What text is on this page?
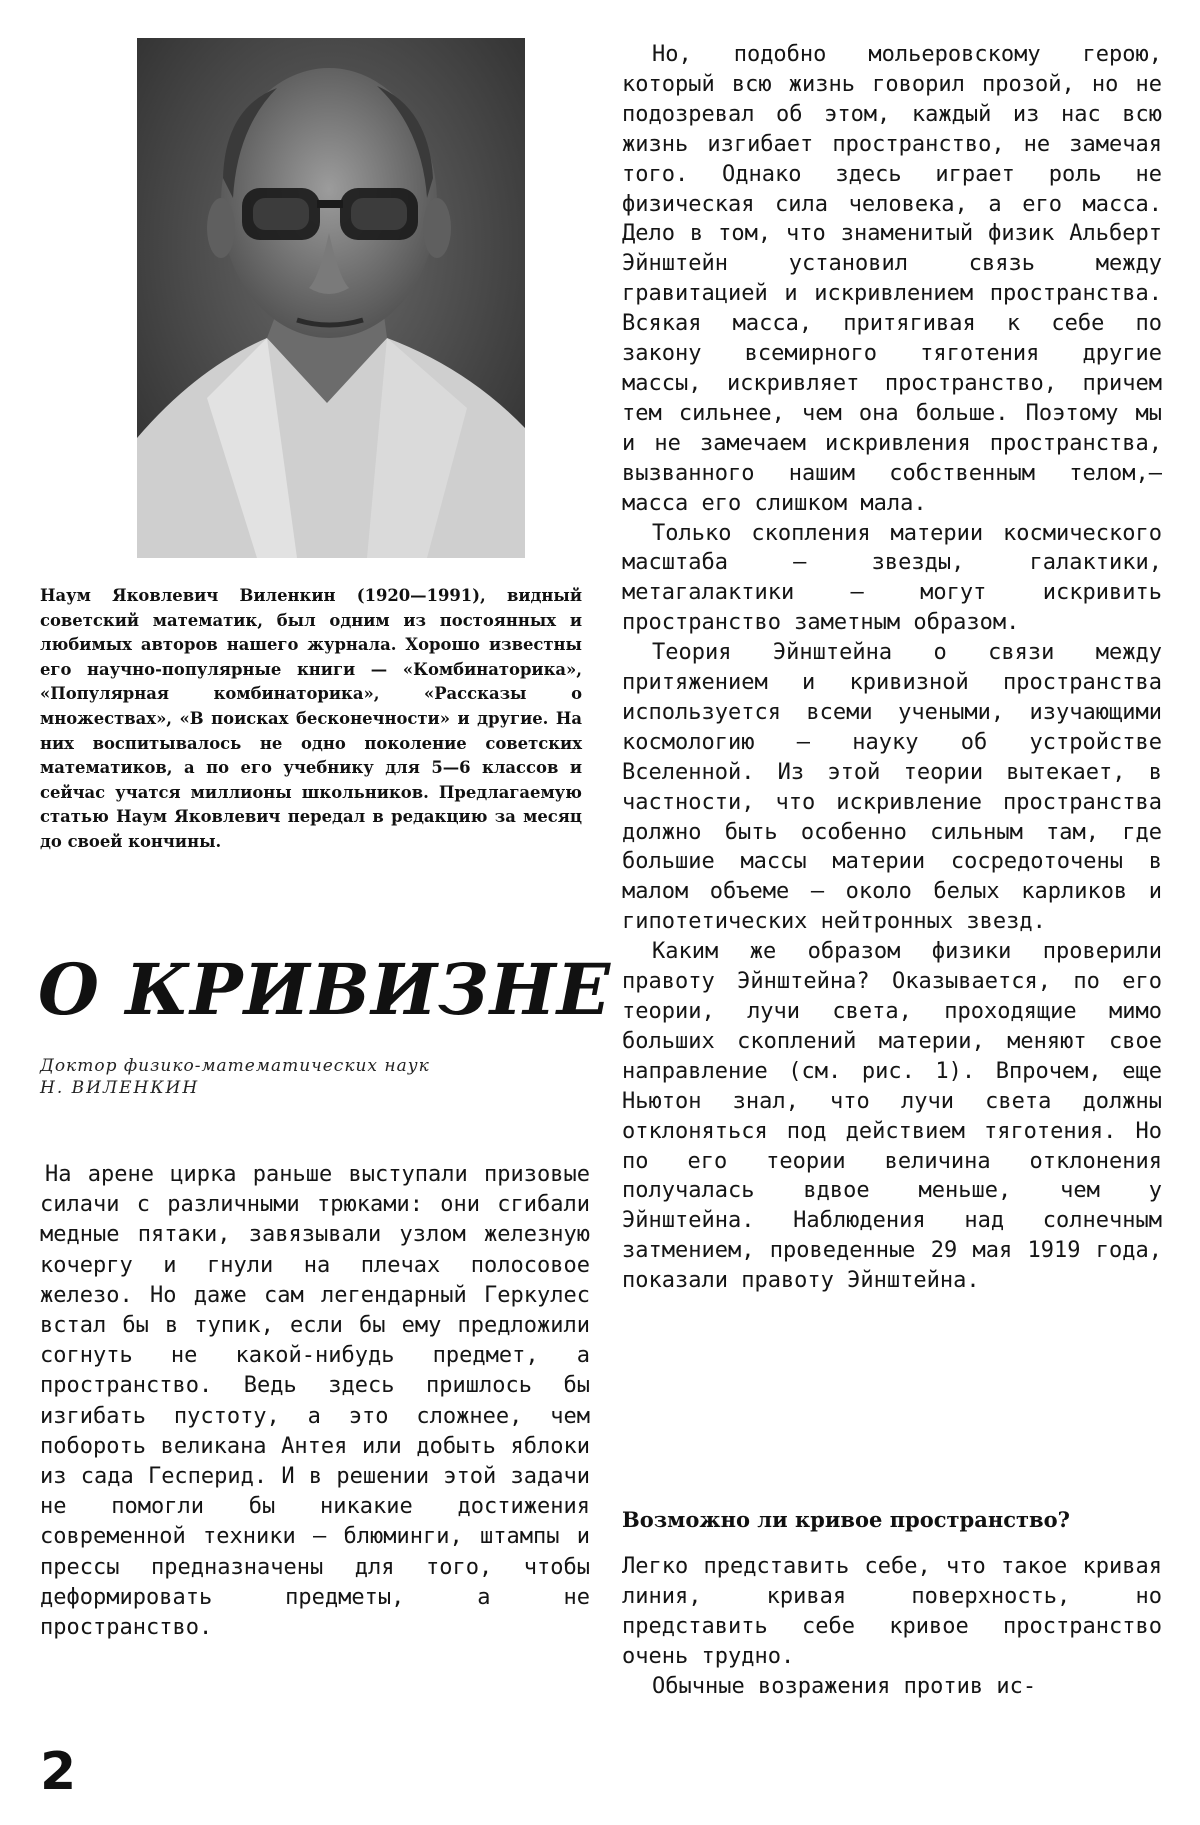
Наум Яковлевич Виленкин (1920—1991), видный советский математик, был одним из постоянных и любимых авторов нашего журнала. Хорошо известны его научно-популярные книги — «Комбинаторика», «Популярная комбинаторика», «Рассказы о множествах», «В поисках бесконечности» и другие. На них воспитывалось не одно поколение советских математиков, а по его учебнику для 5—6 классов и сейчас учатся миллионы школьников. Предлагаемую статью Наум Яковлевич передал в редакцию за месяц до своей кончины.
О КРИВИЗНЕ
Доктор физико-математических наук
Н. ВИЛЕНКИН
На арене цирка раньше выступали призовые силачи с различными трюками: они сгибали медные пятаки, завязывали узлом железную кочергу и гнули на плечах полосовое железо. Но даже сам легендарный Геркулес встал бы в тупик, если бы ему предложили согнуть не какой-нибудь предмет, а пространство. Ведь здесь пришлось бы изгибать пустоту, а это сложнее, чем побороть великана Антея или добыть яблоки из сада Гесперид. И в решении этой задачи не помогли бы никакие достижения современной техники — блюминги, штампы и прессы предназначены для того, чтобы деформировать предметы, а не пространство.

Но, подобно мольеровскому герою, который всю жизнь говорил прозой, но не подозревал об этом, каждый из нас всю жизнь изгибает пространство, не замечая того. Однако здесь играет роль не физическая сила человека, а его масса. Дело в том, что знаменитый физик Альберт Эйнштейн установил связь между гравитацией и искривлением пространства. Всякая масса, притягивая к себе по закону всемирного тяготения другие массы, искривляет пространство, причем тем сильнее, чем она больше. Поэтому мы и не замечаем искривления пространства, вызванного нашим собственным телом,— масса его слишком мала.

Только скопления материи космического масштаба — звезды, галактики, метагалактики — могут искривить пространство заметным образом.

Теория Эйнштейна о связи между притяжением и кривизной пространства используется всеми учеными, изучающими космологию — науку об устройстве Вселенной. Из этой теории вытекает, в частности, что искривление пространства должно быть особенно сильным там, где большие массы материи сосредоточены в малом объеме — около белых карликов и гипотетических нейтронных звезд.

Каким же образом физики проверили правоту Эйнштейна? Оказывается, по его теории, лучи света, проходящие мимо больших скоплений материи, меняют свое направление (см. рис. 1). Впрочем, еще Ньютон знал, что лучи света должны отклоняться под действием тяготения. Но по его теории величина отклонения получалась вдвое меньше, чем у Эйнштейна. Наблюдения над солнечным затмением, проведенные 29 мая 1919 года, показали правоту Эйнштейна.

Возможно ли кривое пространство?

Легко представить себе, что такое кривая линия, кривая поверхность, но представить себе кривое пространство очень трудно.

Обычные возражения против ис-

2
